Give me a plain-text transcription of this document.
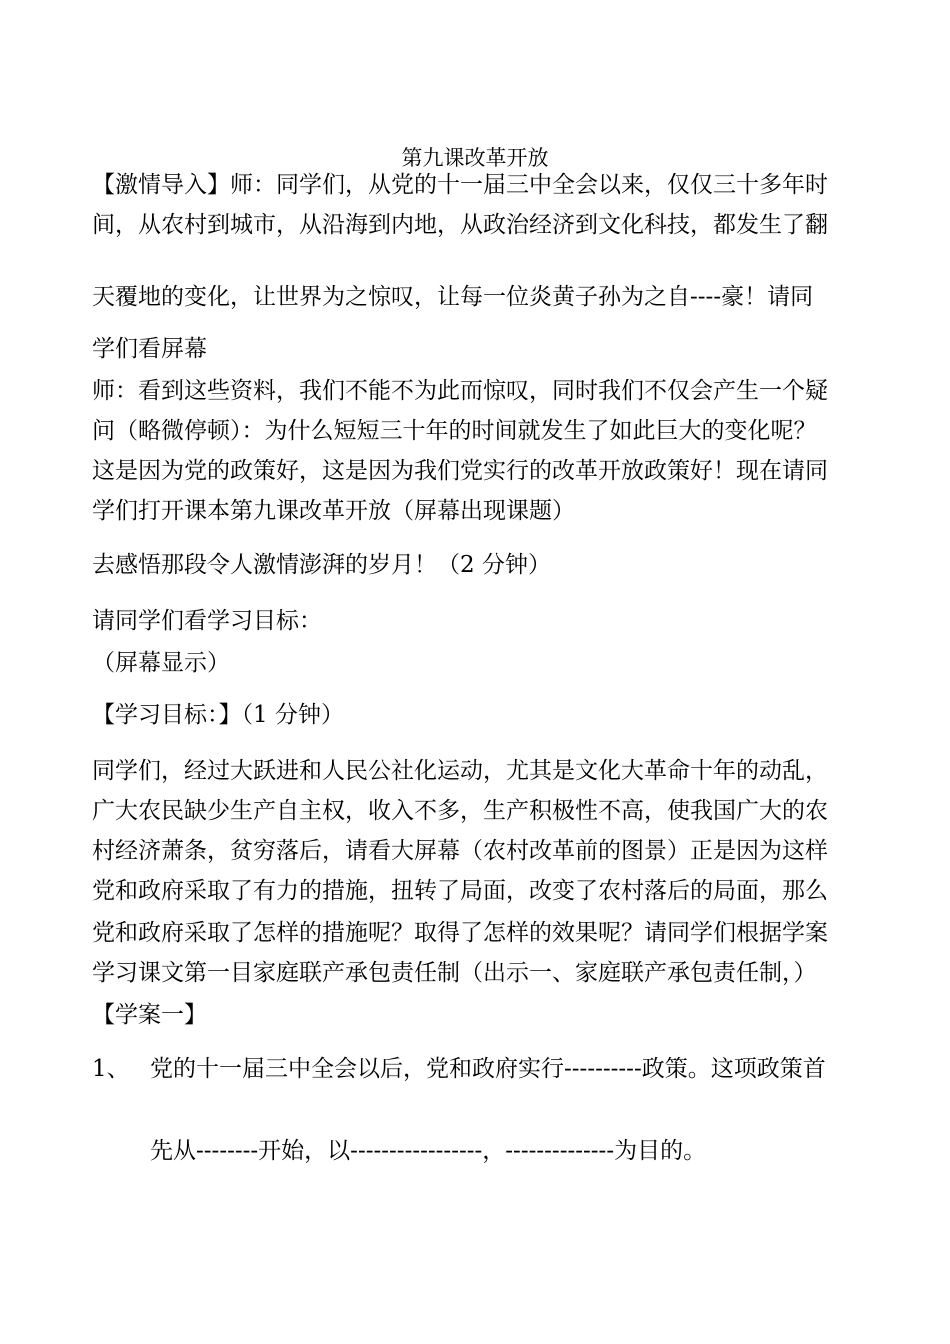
第九课改革开放
【激情导入】师：同学们，从党的十一届三中全会以来，仅仅三十多年时
间，从农村到城市，从沿海到内地，从政治经济到文化科技，都发生了翻
天覆地的变化，让世界为之惊叹，让每一位炎黄子孙为之自----豪！请同
学们看屏幕
师：看到这些资料，我们不能不为此而惊叹，同时我们不仅会产生一个疑
问（略微停顿）：为什么短短三十年的时间就发生了如此巨大的变化呢？
这是因为党的政策好，这是因为我们党实行的改革开放政策好！现在请同
学们打开课本第九课改革开放（屏幕出现课题）
去感悟那段令人激情澎湃的岁月！（2 分钟）
请同学们看学习目标：
（屏幕显示）
【学习目标：】（1 分钟）
同学们，经过大跃进和人民公社化运动，尤其是文化大革命十年的动乱，
广大农民缺少生产自主权，收入不多，生产积极性不高，使我国广大的农
村经济萧条，贫穷落后，请看大屏幕（农村改革前的图景）正是因为这样
党和政府采取了有力的措施，扭转了局面，改变了农村落后的局面，那么
党和政府采取了怎样的措施呢？取得了怎样的效果呢？请同学们根据学案
学习课文第一目家庭联产承包责任制（出示一、家庭联产承包责任制，）
【学案一】
1、 党的十一届三中全会以后，党和政府实行----------政策。这项政策首
先从--------开始，以-----------------，--------------为目的。
